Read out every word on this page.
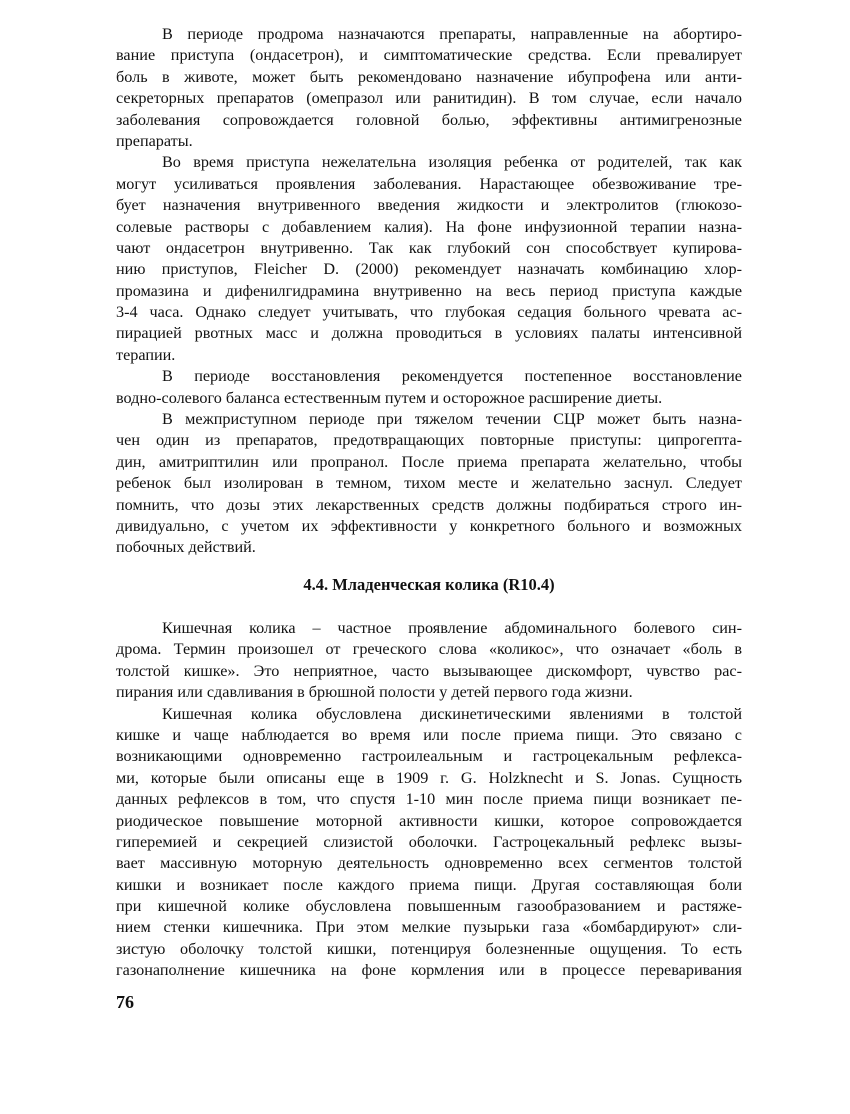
В периоде продрома назначаются препараты, направленные на абортиро-
вание приступа (ондасетрон), и симптоматические средства. Если превалирует
боль в животе, может быть рекомендовано назначение ибупрофена или анти-
секреторных препаратов (омепразол или ранитидин). В том случае, если начало
заболевания сопровождается головной болью, эффективны антимигренозные
препараты.
Во время приступа нежелательна изоляция ребенка от родителей, так как
могут усиливаться проявления заболевания. Нарастающее обезвоживание тре-
бует назначения внутривенного введения жидкости и электролитов (глюкозо-
солевые растворы с добавлением калия). На фоне инфузионной терапии назна-
чают ондасетрон внутривенно. Так как глубокий сон способствует купирова-
нию приступов, Fleicher D. (2000) рекомендует назначать комбинацию хлор-
промазина и дифенилгидрамина внутривенно на весь период приступа каждые
3-4 часа. Однако следует учитывать, что глубокая седация больного чревата ас-
пирацией рвотных масс и должна проводиться в условиях палаты интенсивной
терапии.
В периоде восстановления рекомендуется постепенное восстановление
водно-солевого баланса естественным путем и осторожное расширение диеты.
В межприступном периоде при тяжелом течении СЦР может быть назна-
чен один из препаратов, предотвращающих повторные приступы: ципрогепта-
дин, амитриптилин или пропранол. После приема препарата желательно, чтобы
ребенок был изолирован в темном, тихом месте и желательно заснул. Следует
помнить, что дозы этих лекарственных средств должны подбираться строго ин-
дивидуально, с учетом их эффективности у конкретного больного и возможных
побочных действий.
4.4. Младенческая колика (R10.4)
Кишечная колика – частное проявление абдоминального болевого син-
дрома. Термин произошел от греческого слова «коликос», что означает «боль в
толстой кишке». Это неприятное, часто вызывающее дискомфорт, чувство рас-
пирания или сдавливания в брюшной полости у детей первого года жизни.
Кишечная колика обусловлена дискинетическими явлениями в толстой
кишке и чаще наблюдается во время или после приема пищи. Это связано с
возникающими одновременно гастроилеальным и гастроцекальным рефлекса-
ми, которые были описаны еще в 1909 г. G. Holzknecht и S. Jonas. Сущность
данных рефлексов в том, что спустя 1-10 мин после приема пищи возникает пе-
риодическое повышение моторной активности кишки, которое сопровождается
гиперемией и секрецией слизистой оболочки. Гастроцекальный рефлекс вызы-
вает массивную моторную деятельность одновременно всех сегментов толстой
кишки и возникает после каждого приема пищи. Другая составляющая боли
при кишечной колике обусловлена повышенным газообразованием и растяже-
нием стенки кишечника. При этом мелкие пузырьки газа «бомбардируют» сли-
зистую оболочку толстой кишки, потенцируя болезненные ощущения. То есть
газонаполнение кишечника на фоне кормления или в процессе переваривания
76
